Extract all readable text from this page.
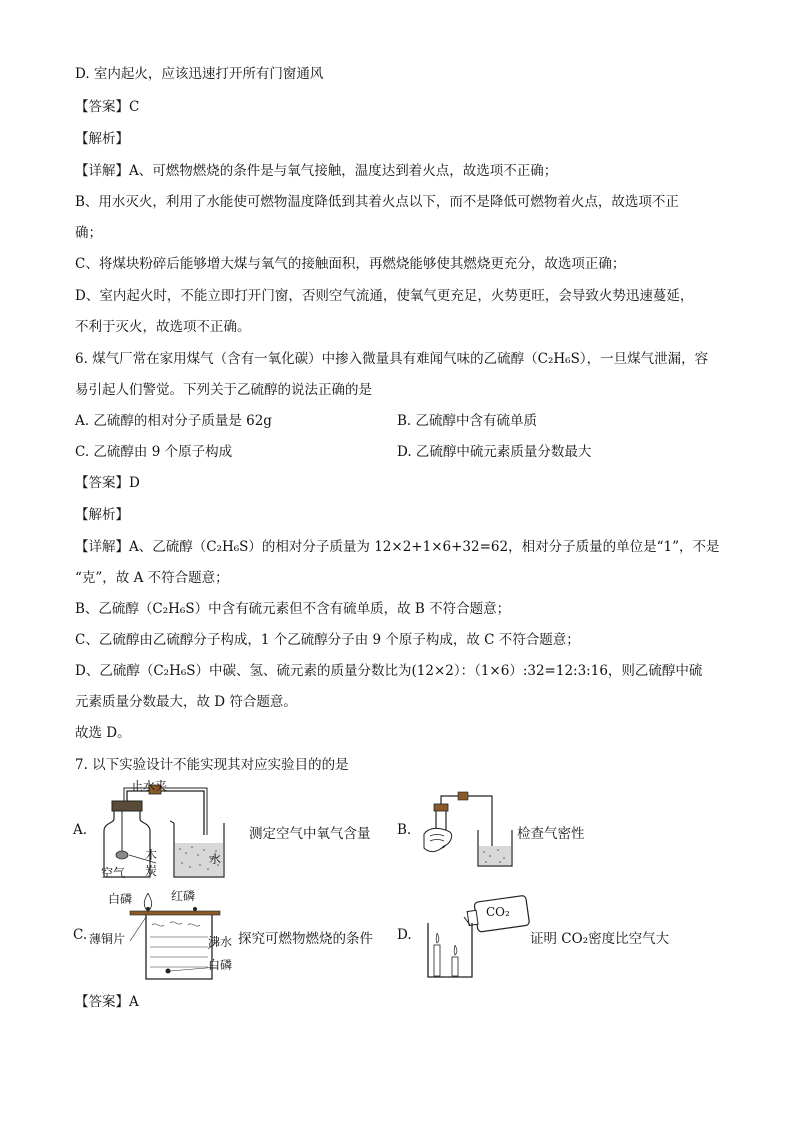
D. 室内起火，应该迅速打开所有门窗通风
【答案】C
【解析】
【详解】A、可燃物燃烧的条件是与氧气接触，温度达到着火点，故选项不正确；
B、用水灭火，利用了水能使可燃物温度降低到其着火点以下，而不是降低可燃物着火点，故选项不正
确；
C、将煤块粉碎后能够增大煤与氧气的接触面积，再燃烧能够使其燃烧更充分，故选项正确；
D、室内起火时，不能立即打开门窗，否则空气流通，使氧气更充足，火势更旺，会导致火势迅速蔓延，
不利于灭火，故选项不正确。
6. 煤气厂常在家用煤气（含有一氧化碳）中掺入微量具有难闻气味的乙硫醇（C₂H₆S），一旦煤气泄漏，容
易引起人们警觉。下列关于乙硫醇的说法正确的是
A. 乙硫醇的相对分子质量是 62g	B. 乙硫醇中含有硫单质
C. 乙硫醇由 9 个原子构成	D. 乙硫醇中硫元素质量分数最大
【答案】D
【解析】
【详解】A、乙硫醇（C₂H₆S）的相对分子质量为 12×2+1×6+32=62，相对分子质量的单位是“1”，不是
“克”，故 A 不符合题意；
B、乙硫醇（C₂H₆S）中含有硫元素但不含有硫单质，故 B 不符合题意；
C、乙硫醇由乙硫醇分子构成，1 个乙硫醇分子由 9 个原子构成，故 C 不符合题意；
D、乙硫醇（C₂H₆S）中碳、氢、硫元素的质量分数比为(12×2）：（1×6）:32=12:3:16，则乙硫醇中硫
元素质量分数最大，故 D 符合题意。
故选 D。
7. 以下实验设计不能实现其对应实验目的的是
A.
止水夹
空气
木
炭
水
测定空气中氧气含量 B.	检查气密性
C.
白磷	红磷
薄铜片	沸水
白磷
探究可燃物燃烧的条件 D.
CO₂
证明 CO₂密度比空气大
【答案】A
